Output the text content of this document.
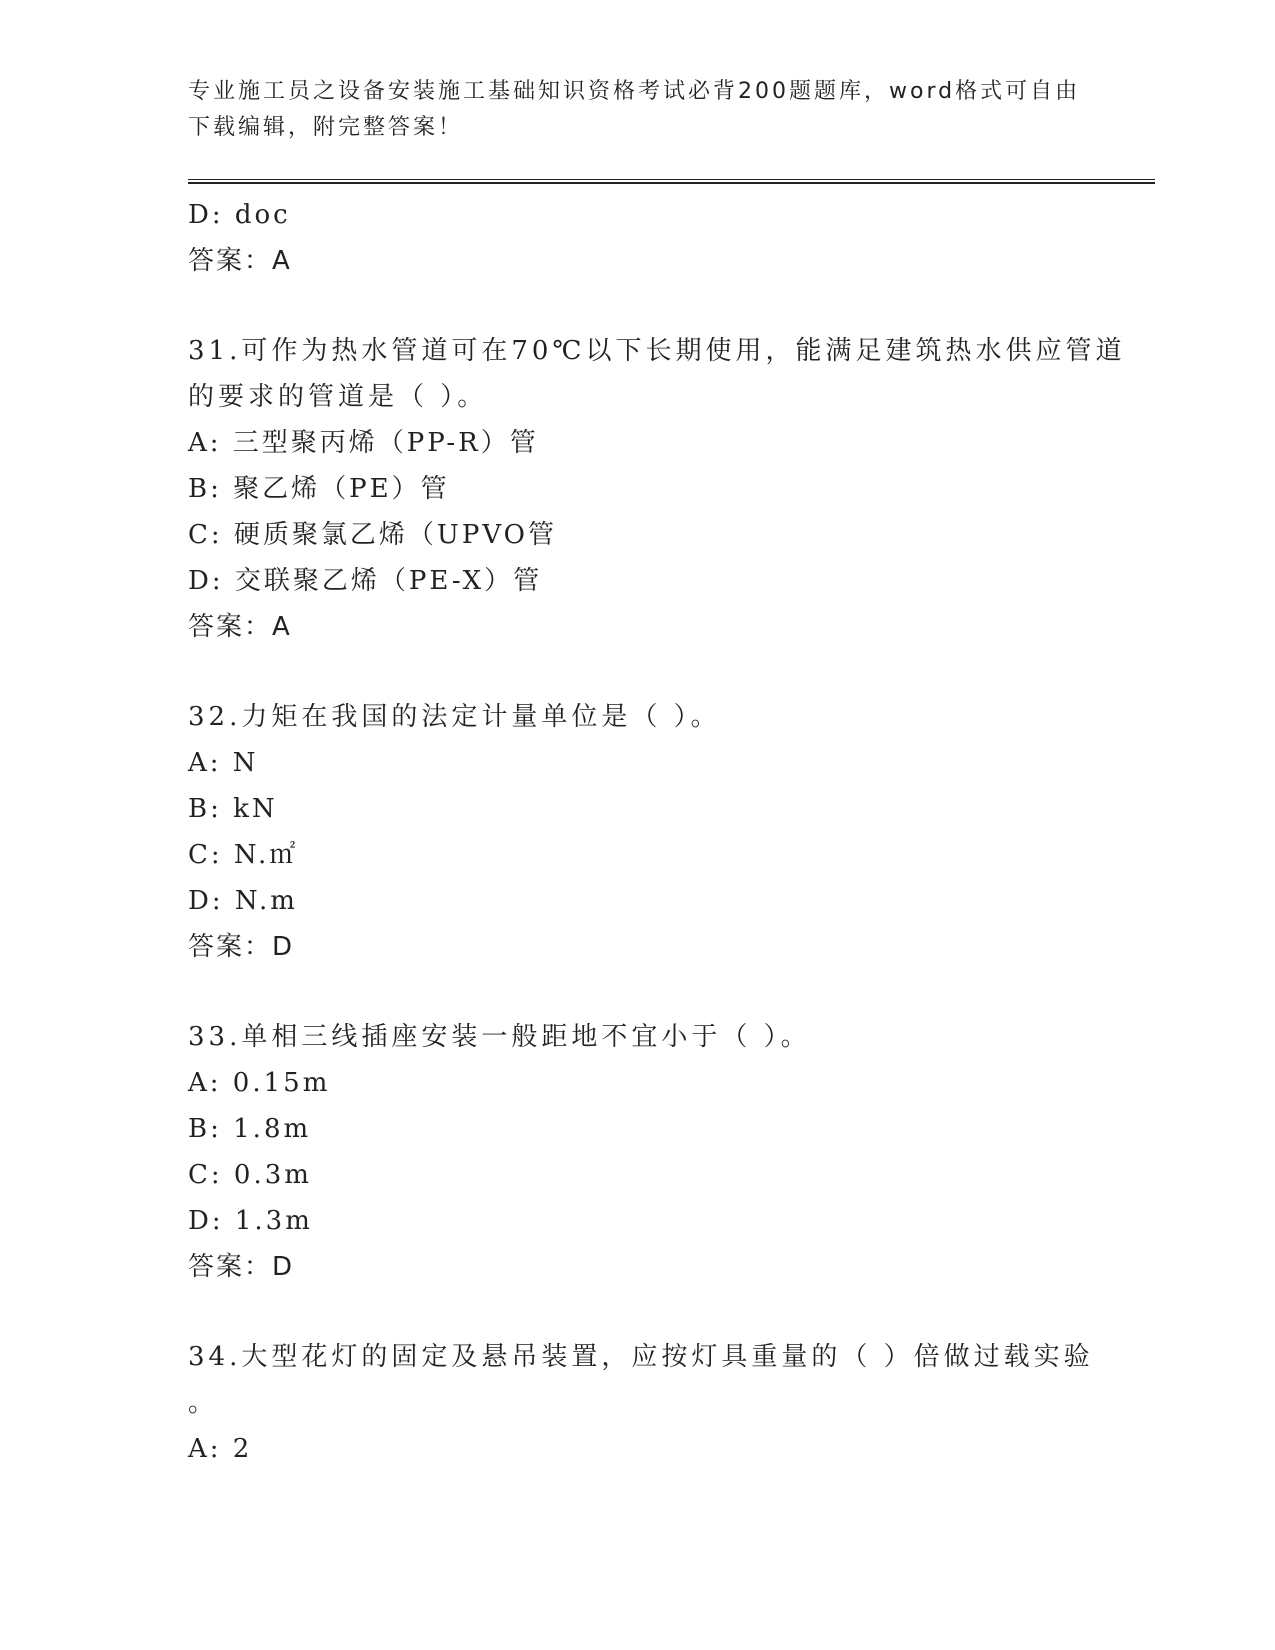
专业施工员之设备安装施工基础知识资格考试必背200题题库，word格式可自由
下载编辑，附完整答案！
D: doc
答案：A
31.可作为热水管道可在70℃以下长期使用，能满足建筑热水供应管道
的要求的管道是（ ）。
A: 三型聚丙烯（PP-R）管
B: 聚乙烯（PE）管
C: 硬质聚氯乙烯（UPVO管
D: 交联聚乙烯（PE-X）管
答案：A
32.力矩在我国的法定计量单位是（ ）。
A: N
B: kN
C: N.㎡
D: N.m
答案：D
33.单相三线插座安装一般距地不宜小于（ ）。
A: 0.15m
B: 1.8m
C: 0.3m
D: 1.3m
答案：D
34.大型花灯的固定及悬吊装置，应按灯具重量的（ ）倍做过载实验
。
A: 2
